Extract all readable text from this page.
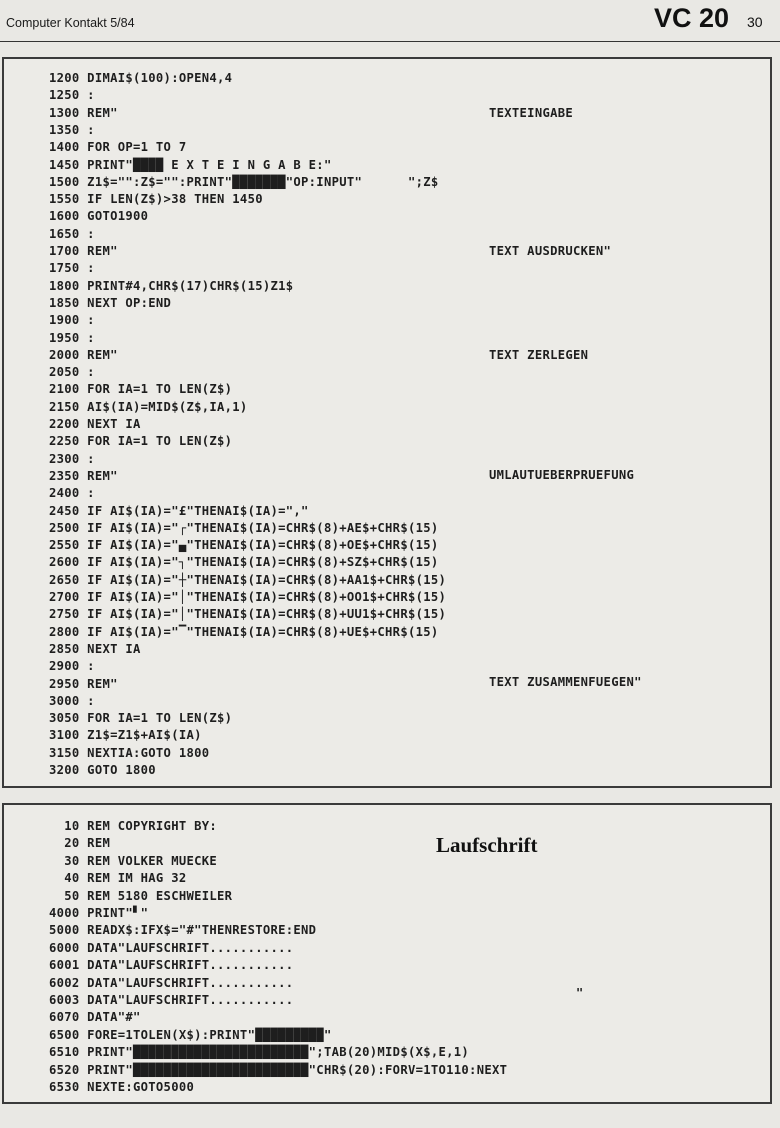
Computer Kontakt 5/84	VC 20 30
1200 DIMAI$(100):OPEN4,4
1250 :
1300 REM"
1350 :
1400 FOR OP=1 TO 7
1450 PRINT"████ E X T E I N G A B E:"
1500 Z1$="":Z$="":PRINT"███████"OP:INPUT"      ";Z$
1550 IF LEN(Z$)>38 THEN 1450
1600 GOTO1900
1650 :
1700 REM"
1750 :
1800 PRINT#4,CHR$(17)CHR$(15)Z1$
1850 NEXT OP:END
1900 :
1950 :
2000 REM"
2050 :
2100 FOR IA=1 TO LEN(Z$)
2150 AI$(IA)=MID$(Z$,IA,1)
2200 NEXT IA
2250 FOR IA=1 TO LEN(Z$)
2300 :
2350 REM"
2400 :
2450 IF AI$(IA)="£"THENAI$(IA)=","
2500 IF AI$(IA)="┌"THENAI$(IA)=CHR$(8)+AE$+CHR$(15)
2550 IF AI$(IA)="▄"THENAI$(IA)=CHR$(8)+OE$+CHR$(15)
2600 IF AI$(IA)="┐"THENAI$(IA)=CHR$(8)+SZ$+CHR$(15)
2650 IF AI$(IA)="┼"THENAI$(IA)=CHR$(8)+AA1$+CHR$(15)
2700 IF AI$(IA)="│"THENAI$(IA)=CHR$(8)+OO1$+CHR$(15)
2750 IF AI$(IA)="│"THENAI$(IA)=CHR$(8)+UU1$+CHR$(15)
2800 IF AI$(IA)="▔"THENAI$(IA)=CHR$(8)+UE$+CHR$(15)
2850 NEXT IA
2900 :
2950 REM"
3000 :
3050 FOR IA=1 TO LEN(Z$)
3100 Z1$=Z1$+AI$(IA)
3150 NEXTIA:GOTO 1800
3200 GOTO 1800
TEXTEINGABE
TEXT AUSDRUCKEN"
TEXT ZERLEGEN
UMLAUTUEBERPRUEFUNG
TEXT ZUSAMMENFUEGEN"
10 REM COPYRIGHT BY:
20 REM
30 REM VOLKER MUECKE
40 REM IM HAG 32
50 REM 5180 ESCHWEILER
4000 PRINT"▘"
5000 READX$:IFX$="#"THENRESTORE:END
6000 DATA"LAUFSCHRIFT...........
6001 DATA"LAUFSCHRIFT...........
6002 DATA"LAUFSCHRIFT...........
6003 DATA"LAUFSCHRIFT...........
6070 DATA"#"
6500 FORE=1TOLEN(X$):PRINT"█████████"
6510 PRINT"███████████████████████";TAB(20)MID$(X$,E,1)
6520 PRINT"███████████████████████"CHR$(20):FORV=1TO110:NEXT
6530 NEXTE:GOTO5000
Laufschrift
"
